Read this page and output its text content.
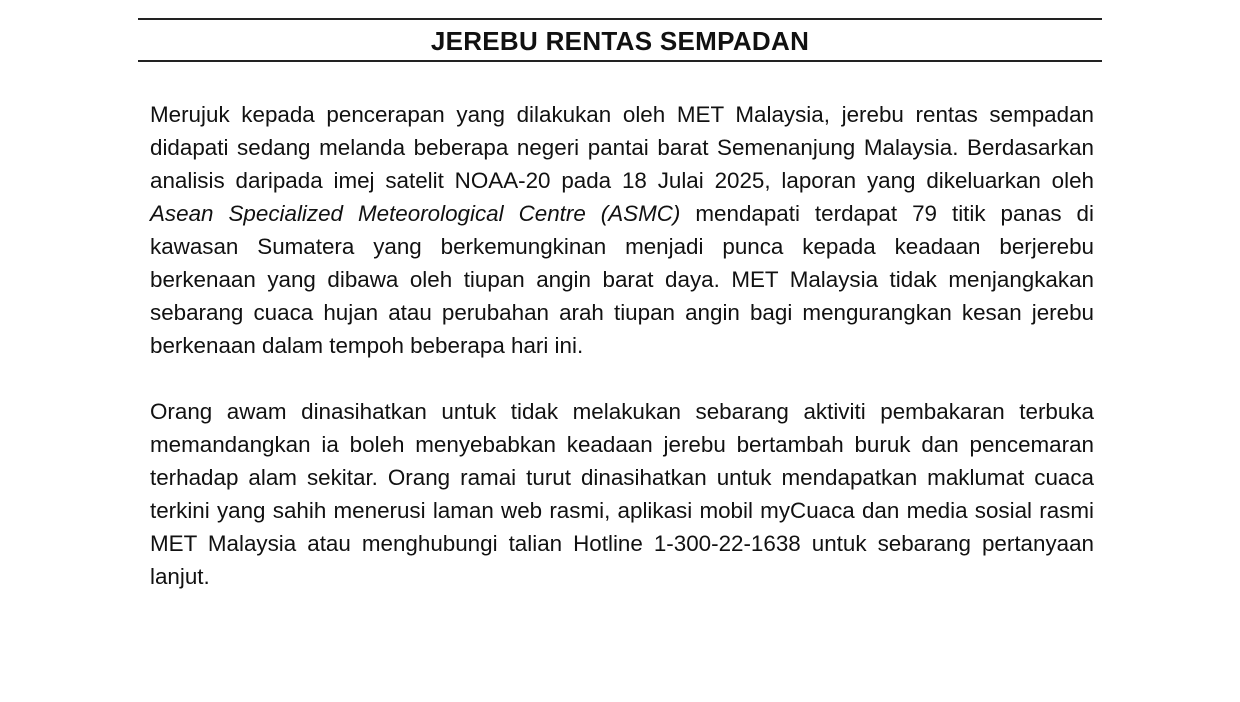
JEREBU RENTAS SEMPADAN

Merujuk kepada pencerapan yang dilakukan oleh MET Malaysia, jerebu rentas sempadan didapati sedang melanda beberapa negeri pantai barat Semenanjung Malaysia. Berdasarkan analisis daripada imej satelit NOAA-20 pada 18 Julai 2025, laporan yang dikeluarkan oleh Asean Specialized Meteorological Centre (ASMC) mendapati terdapat 79 titik panas di kawasan Sumatera yang berkemungkinan menjadi punca kepada keadaan berjerebu berkenaan yang dibawa oleh tiupan angin barat daya. MET Malaysia tidak menjangkakan sebarang cuaca hujan atau perubahan arah tiupan angin bagi mengurangkan kesan jerebu berkenaan dalam tempoh beberapa hari ini.

Orang awam dinasihatkan untuk tidak melakukan sebarang aktiviti pembakaran terbuka memandangkan ia boleh menyebabkan keadaan jerebu bertambah buruk dan pencemaran terhadap alam sekitar. Orang ramai turut dinasihatkan untuk mendapatkan maklumat cuaca terkini yang sahih menerusi laman web rasmi, aplikasi mobil myCuaca dan media sosial rasmi MET Malaysia atau menghubungi talian Hotline 1-300-22-1638 untuk sebarang pertanyaan lanjut.
